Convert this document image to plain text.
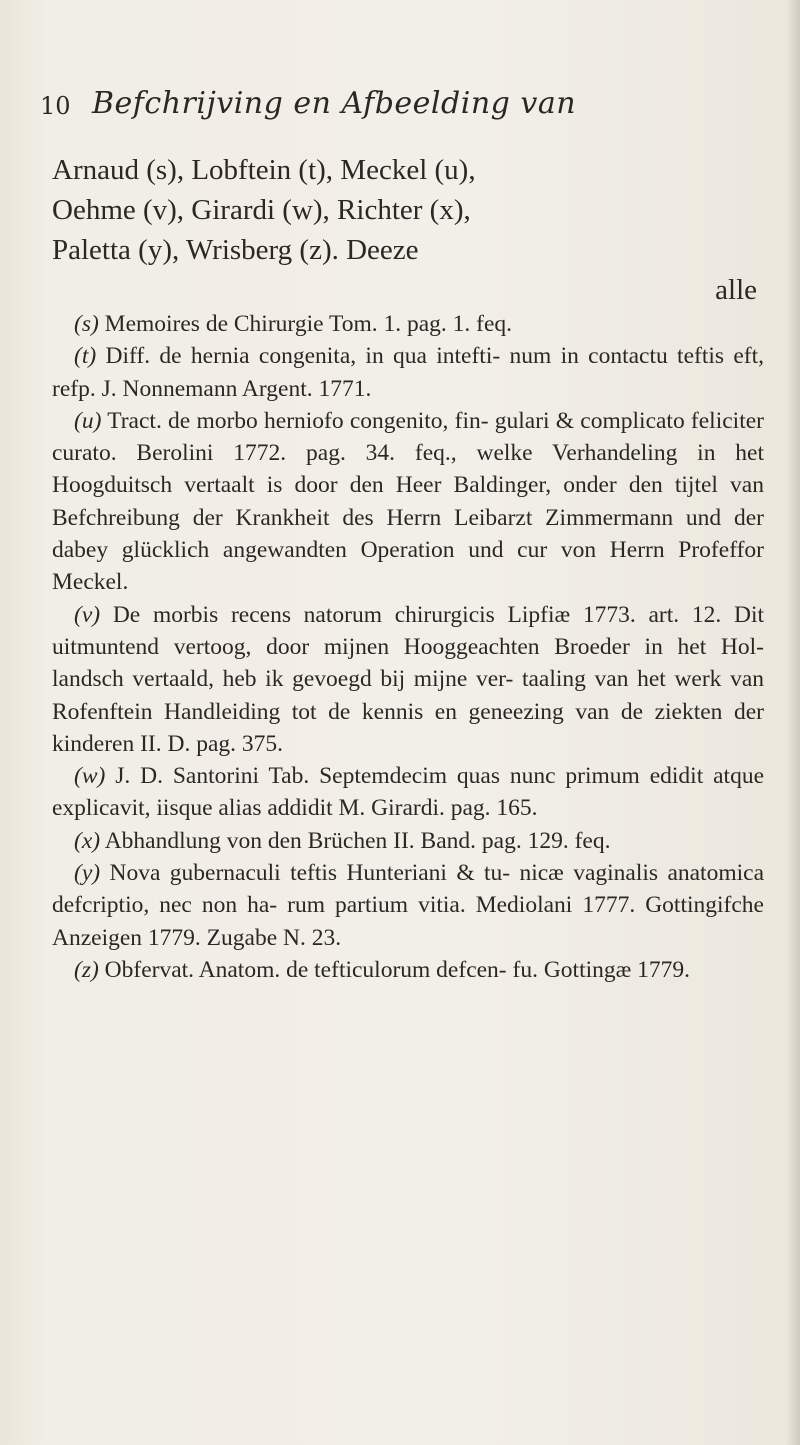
10 Befchrijving en Afbeelding van
Arnaud (s), Lobftein (t), Meckel (u),
Oehme (v), Girardi (w), Richter (x),
Paletta (y), Wrisberg (z). Deeze
alle

(s) Memoires de Chirurgie Tom. 1. pag. 1. feq.

(t) Diff. de hernia congenita, in qua intefti- num in contactu teftis eft, refp. J. Nonnemann Argent. 1771.

(u) Tract. de morbo herniofo congenito, fin- gulari & complicato feliciter curato. Berolini 1772. pag. 34. feq., welke Verhandeling in het Hoogduitsch vertaalt is door den Heer Baldinger, onder den tijtel van Befchreibung der Krankheit des Herrn Leibarzt Zimmermann und der dabey glücklich angewandten Operation und cur von Herrn Profeffor Meckel.

(v) De morbis recens natorum chirurgicis Lipfiæ 1773. art. 12. Dit uitmuntend vertoog, door mijnen Hooggeachten Broeder in het Hol- landsch vertaald, heb ik gevoegd bij mijne ver- taaling van het werk van Rofenftein Handleiding tot de kennis en geneezing van de ziekten der kinderen II. D. pag. 375.

(w) J. D. Santorini Tab. Septemdecim quas nunc primum edidit atque explicavit, iisque alias addidit M. Girardi. pag. 165.

(x) Abhandlung von den Brüchen II. Band. pag. 129. feq.

(y) Nova gubernaculi teftis Hunteriani & tu- nicæ vaginalis anatomica defcriptio, nec non ha- rum partium vitia. Mediolani 1777. Gottingifche Anzeigen 1779. Zugabe N. 23.

(z) Obfervat. Anatom. de tefticulorum defcen- fu. Gottingæ 1779.
